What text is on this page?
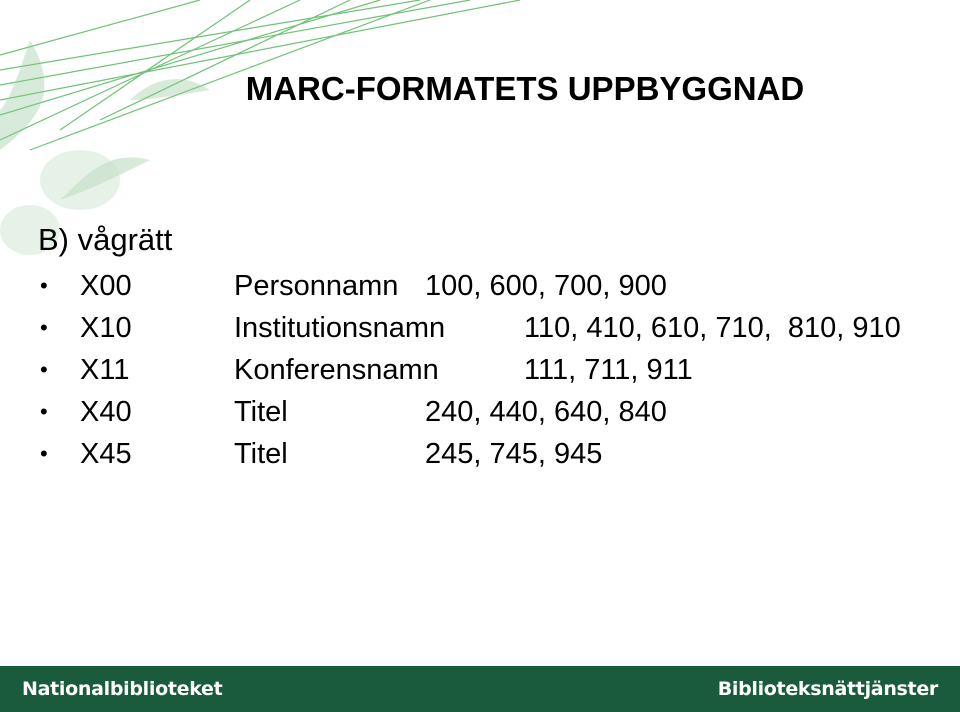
MARC-FORMATETS UPPBYGGNAD
B) vågrätt
• X00	Personnamn 100, 600, 700, 900
• X10	Institutionsnamn	110, 410, 610, 710,  810, 910
• X11	Konferensnamn	111, 711, 911
• X40	Titel	240, 440, 640, 840
• X45	Titel	245, 745, 945
Nationalbiblioteket	Biblioteksnättjänster
